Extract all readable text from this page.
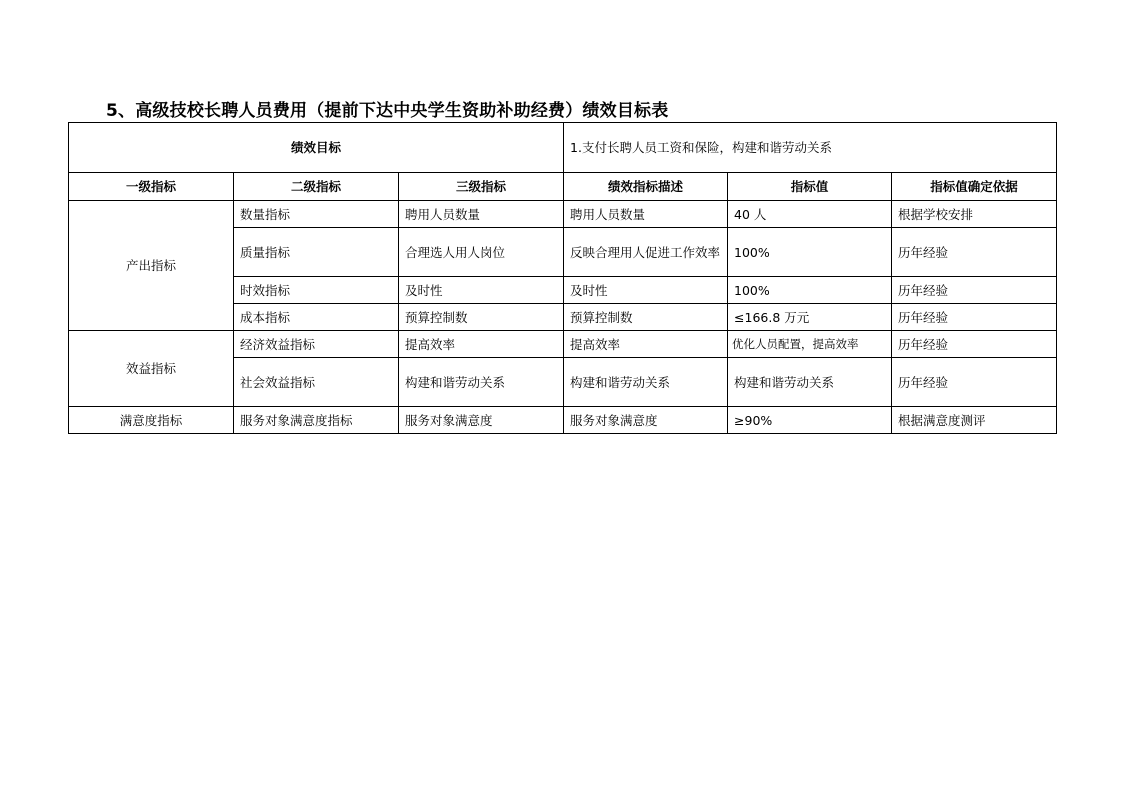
5、高级技校长聘人员费用（提前下达中央学生资助补助经费）绩效目标表
绩效目标			1.支付长聘人员工资和保险，构建和谐劳动关系		
一级指标	二级指标	三级指标	绩效指标描述	指标值	指标值确定依据
产出指标	数量指标	聘用人员数量	聘用人员数量	40 人	根据学校安排
	质量指标	合理选人用人岗位	反映合理用人促进工作效率	100%	历年经验
	时效指标	及时性	及时性	100%	历年经验
	成本指标	预算控制数	预算控制数	≤166.8 万元	历年经验
效益指标	经济效益指标	提高效率	提高效率	优化人员配置，提高效率	历年经验
	社会效益指标	构建和谐劳动关系	构建和谐劳动关系	构建和谐劳动关系	历年经验
满意度指标	服务对象满意度指标	服务对象满意度	服务对象满意度	≥90%	根据满意度测评
